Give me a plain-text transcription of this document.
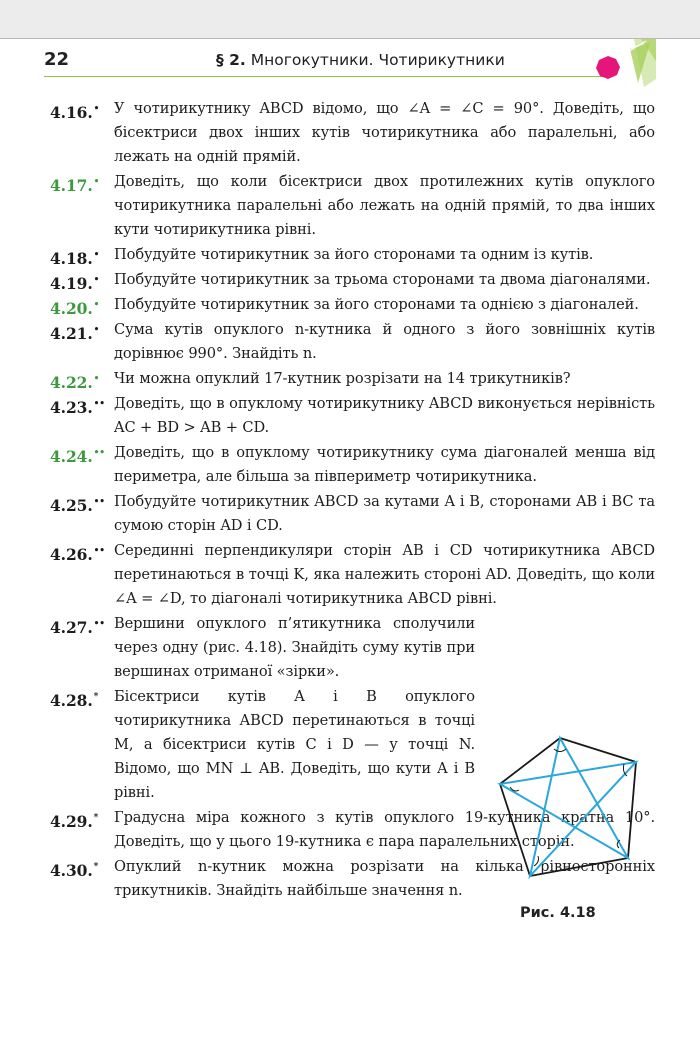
22	§ 2. Многокутники. Чотирикутники
4.16.• У чотирикутнику ABCD відомо, що ∠A = ∠C = 90°. Доведіть, що бісектриси двох інших кутів чотирикутника або паралельні, або лежать на одній прямій.
4.17.• Доведіть, що коли бісектриси двох протилежних кутів опуклого чотирикутника паралельні або лежать на одній прямій, то два інших кути чотирикутника рівні.
4.18.• Побудуйте чотирикутник за його сторонами та одним із кутів.
4.19.• Побудуйте чотирикутник за трьома сторонами та двома діагоналями.
4.20.• Побудуйте чотирикутник за його сторонами та однією з діагоналей.
4.21.• Сума кутів опуклого n-кутника й одного з його зовнішніх кутів дорівнює 990°. Знайдіть n.
4.22.• Чи можна опуклий 17-кутник розрізати на 14 трикутників?
4.23.•• Доведіть, що в опуклому чотирикутнику ABCD виконується нерівність AC + BD > AB + CD.
4.24.•• Доведіть, що в опуклому чотирикутнику сума діагоналей менша від периметра, але більша за півпериметр чотирикутника.
4.25.•• Побудуйте чотирикутник ABCD за кутами A і B, сторонами AB і BC та сумою сторін AD і CD.
4.26.•• Серединні перпендикуляри сторін AB і CD чотирикутника ABCD перетинаються в точці K, яка належить стороні AD. Доведіть, що коли ∠A = ∠D, то діагоналі чотирикутника ABCD рівні.
4.27.•• Вершини опуклого п’ятикутника сполучили через одну (рис. 4.18). Знайдіть суму кутів при вершинах отриманої «зірки».
4.28.* Бісектриси кутів A і B опуклого чотирикутника ABCD перетинаються в точці M, а бісектриси кутів C і D — у точці N. Відомо, що MN ⊥ AB. Доведіть, що кути A і B рівні.
4.29.* Градусна міра кожного з кутів опуклого 19-кутника кратна 10°. Доведіть, що у цього 19-кутника є пара паралельних сторін.
4.30.* Опуклий n-кутник можна розрізати на кілька рівносторонніх трикутників. Знайдіть найбільше значення n.
Рис. 4.18
